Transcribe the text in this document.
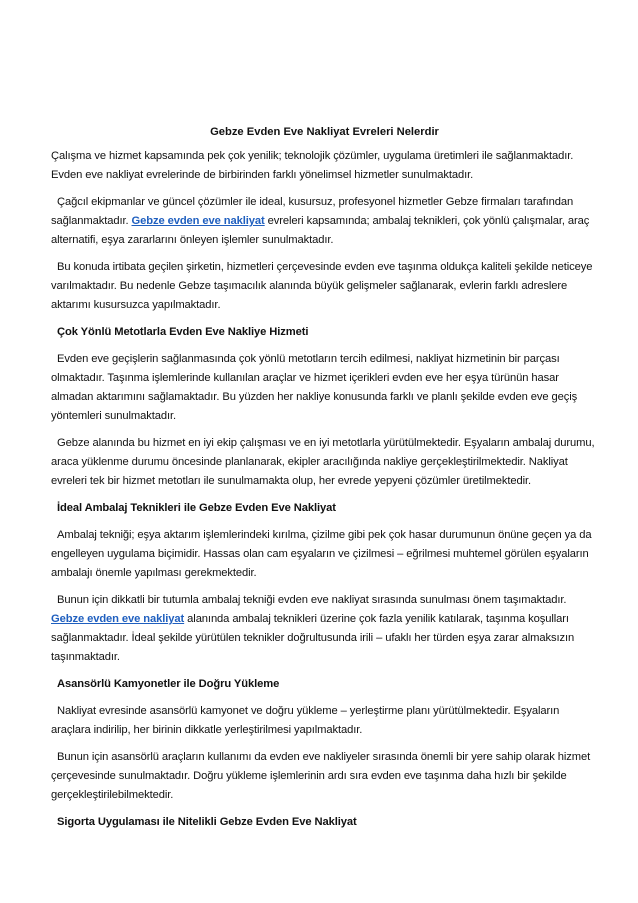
Gebze Evden Eve Nakliyat Evreleri Nelerdir

Çalışma ve hizmet kapsamında pek çok yenilik; teknolojik çözümler, uygulama üretimleri ile sağlanmaktadır. Evden eve nakliyat evrelerinde de birbirinden farklı yönelimsel hizmetler sunulmaktadır.

Çağcıl ekipmanlar ve güncel çözümler ile ideal, kusursuz, profesyonel hizmetler Gebze firmaları tarafından sağlanmaktadır. Gebze evden eve nakliyat evreleri kapsamında; ambalaj teknikleri, çok yönlü çalışmalar, araç alternatifi, eşya zararlarını önleyen işlemler sunulmaktadır.

Bu konuda irtibata geçilen şirketin, hizmetleri çerçevesinde evden eve taşınma oldukça kaliteli şekilde neticeye varılmaktadır. Bu nedenle Gebze taşımacılık alanında büyük gelişmeler sağlanarak, evlerin farklı adreslere aktarımı kusursuzca yapılmaktadır.

Çok Yönlü Metotlarla Evden Eve Nakliye Hizmeti

Evden eve geçişlerin sağlanmasında çok yönlü metotların tercih edilmesi, nakliyat hizmetinin bir parçası olmaktadır. Taşınma işlemlerinde kullanılan araçlar ve hizmet içerikleri evden eve her eşya türünün hasar almadan aktarımını sağlamaktadır. Bu yüzden her nakliye konusunda farklı ve planlı şekilde evden eve geçiş yöntemleri sunulmaktadır.

Gebze alanında bu hizmet en iyi ekip çalışması ve en iyi metotlarla yürütülmektedir. Eşyaların ambalaj durumu, araca yüklenme durumu öncesinde planlanarak, ekipler aracılığında nakliye gerçekleştirilmektedir. Nakliyat evreleri tek bir hizmet metotları ile sunulmamakta olup, her evrede yepyeni çözümler üretilmektedir.

İdeal Ambalaj Teknikleri ile Gebze Evden Eve Nakliyat

Ambalaj tekniği; eşya aktarım işlemlerindeki kırılma, çizilme gibi pek çok hasar durumunun önüne geçen ya da engelleyen uygulama biçimidir. Hassas olan cam eşyaların ve çizilmesi – eğrilmesi muhtemel görülen eşyaların ambalajı önemle yapılması gerekmektedir.

Bunun için dikkatli bir tutumla ambalaj tekniği evden eve nakliyat sırasında sunulması önem taşımaktadır. Gebze evden eve nakliyat alanında ambalaj teknikleri üzerine çok fazla yenilik katılarak, taşınma koşulları sağlanmaktadır. İdeal şekilde yürütülen teknikler doğrultusunda irili – ufaklı her türden eşya zarar almaksızın taşınmaktadır.

Asansörlü Kamyonetler ile Doğru Yükleme

Nakliyat evresinde asansörlü kamyonet ve doğru yükleme – yerleştirme planı yürütülmektedir. Eşyaların araçlara indirilip, her birinin dikkatle yerleştirilmesi yapılmaktadır.

Bunun için asansörlü araçların kullanımı da evden eve nakliyeler sırasında önemli bir yere sahip olarak hizmet çerçevesinde sunulmaktadır. Doğru yükleme işlemlerinin ardı sıra evden eve taşınma daha hızlı bir şekilde gerçekleştirilebilmektedir.

Sigorta Uygulaması ile Nitelikli Gebze Evden Eve Nakliyat
